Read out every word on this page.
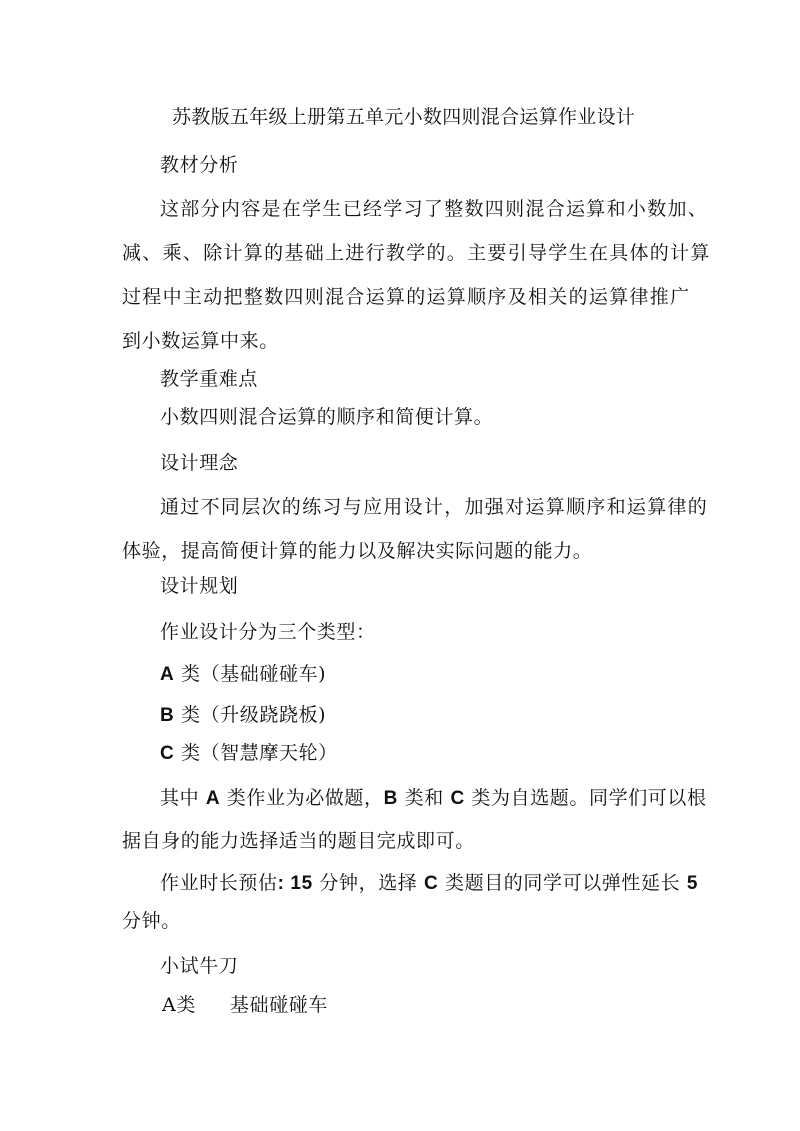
苏教版五年级上册第五单元小数四则混合运算作业设计
教材分析
这部分内容是在学生已经学习了整数四则混合运算和小数加、
减、乘、除计算的基础上进行教学的。主要引导学生在具体的计算
过程中主动把整数四则混合运算的运算顺序及相关的运算律推广
到小数运算中来。
教学重难点
小数四则混合运算的顺序和简便计算。
设计理念
通过不同层次的练习与应用设计，加强对运算顺序和运算律的
体验，提高简便计算的能力以及解决实际问题的能力。
设计规划
作业设计分为三个类型：
A 类（基础碰碰车)
B 类（升级跷跷板)
C 类（智慧摩天轮）
其中 A 类作业为必做题，B 类和 C 类为自选题。同学们可以根
据自身的能力选择适当的题目完成即可。
作业时长预估: 15 分钟，选择 C 类题目的同学可以弹性延长 5
分钟。
小试牛刀
A类 基础碰碰车
